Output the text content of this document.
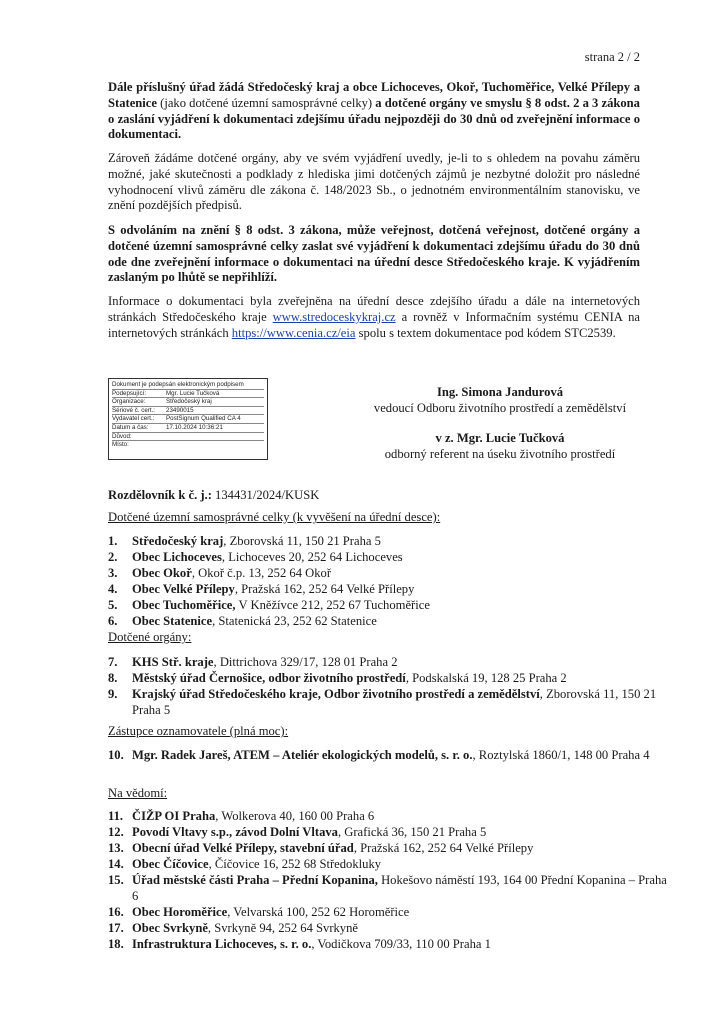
strana 2 / 2

Dále příslušný úřad žádá Středočeský kraj a obce Lichoceves, Okoř, Tuchoměřice, Velké Přílepy a Statenice (jako dotčené územní samosprávné celky) a dotčené orgány ve smyslu § 8 odst. 2 a 3 zákona o zaslání vyjádření k dokumentaci zdejšímu úřadu nejpozději do 30 dnů od zveřejnění informace o dokumentaci.

Zároveň žádáme dotčené orgány, aby ve svém vyjádření uvedly, je-li to s ohledem na povahu záměru možné, jaké skutečnosti a podklady z hlediska jimi dotčených zájmů je nezbytné doložit pro následné vyhodnocení vlivů záměru dle zákona č. 148/2023 Sb., o jednotném environmentálním stanovisku, ve znění pozdějších předpisů.

S odvoláním na znění § 8 odst. 3 zákona, může veřejnost, dotčená veřejnost, dotčené orgány a dotčené územní samosprávné celky zaslat své vyjádření k dokumentaci zdejšímu úřadu do 30 dnů ode dne zveřejnění informace o dokumentaci na úřední desce Středočeského kraje. K vyjádřením zaslaným po lhůtě se nepřihlíží.

Informace o dokumentaci byla zveřejněna na úřední desce zdejšího úřadu a dále na internetových stránkách Středočeského kraje www.stredoceskykraj.cz a rovněž v Informačním systému CENIA na internetových stránkách https://www.cenia.cz/eia spolu s textem dokumentace pod kódem STC2539.

Dokument je podepsán elektronickým podpisem
Podepsující:	Mgr. Lucie Tučková
Organizace:	Středočeský kraj
Sériové č. cert.:	23490015
Vydavatel cert.:	PostSignum Qualified CA 4
Datum a čas:	17.10.2024 10:36:21
Důvod:
Místo:
Ing. Simona Jandurová
vedoucí Odboru životního prostředí a zemědělství
v z. Mgr. Lucie Tučková
odborný referent na úseku životního prostředí
Rozdělovník k č. j.: 134431/2024/KUSK
Dotčené územní samosprávné celky (k vyvěšení na úřední desce):
1.	Středočeský kraj, Zborovská 11, 150 21 Praha 5
2.	Obec Lichoceves, Lichoceves 20, 252 64 Lichoceves
3.	Obec Okoř, Okoř č.p. 13, 252 64 Okoř
4.	Obec Velké Přílepy, Pražská 162, 252 64 Velké Přílepy
5.	Obec Tuchoměřice, V Kněžívce 212, 252 67 Tuchoměřice
6.	Obec Statenice, Statenická 23, 252 62 Statenice
Dotčené orgány:
7.	KHS Stř. kraje, Dittrichova 329/17, 128 01 Praha 2
8.	Městský úřad Černošice, odbor životního prostředí, Podskalská 19, 128 25 Praha 2
9.	Krajský úřad Středočeského kraje, Odbor životního prostředí a zemědělství, Zborovská 11, 150 21 Praha 5
Zástupce oznamovatele (plná moc):
10. Mgr. Radek Jareš, ATEM – Ateliér ekologických modelů, s. r. o., Roztylská 1860/1, 148 00 Praha 4
Na vědomí:
11. ČIŽP OI Praha, Wolkerova 40, 160 00 Praha 6
12. Povodí Vltavy s.p., závod Dolní Vltava, Grafická 36, 150 21 Praha 5
13. Obecní úřad Velké Přílepy, stavební úřad, Pražská 162, 252 64 Velké Přílepy
14. Obec Číčovice, Číčovice 16, 252 68 Středokluky
15. Úřad městské části Praha – Přední Kopanina, Hokešovo náměstí 193, 164 00 Přední Kopanina – Praha 6
16. Obec Horoměřice, Velvarská 100, 252 62 Horoměřice
17. Obec Svrkyně, Svrkyně 94, 252 64 Svrkyně
18. Infrastruktura Lichoceves, s. r. o., Vodičkova 709/33, 110 00 Praha 1
